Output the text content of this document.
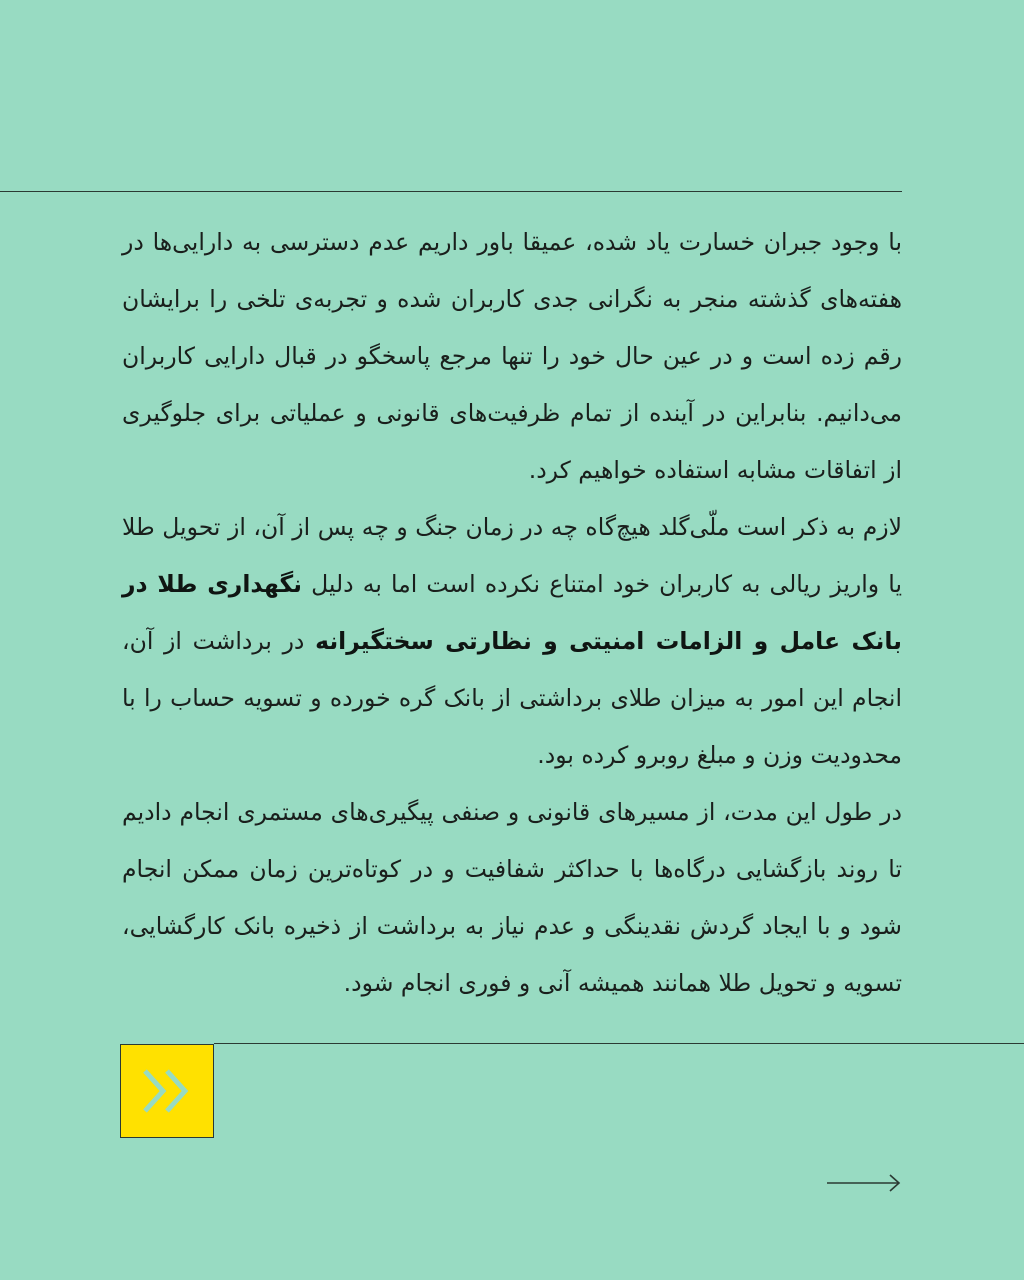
با وجود جبران خسارت یاد شده، عمیقا باور داریم عدم دسترسی به دارایی‌ها در هفته‌های گذشته منجر به نگرانی جدی کاربران شده و تجربه‌ی تلخی را برایشان رقم زده است و در عین حال خود را تنها مرجع پاسخگو در قبال دارایی کاربران می‌دانیم. بنابراین در آینده از تمام ظرفیت‌های قانونی و عملیاتی برای جلوگیری از اتفاقات مشابه استفاده خواهیم کرد.

لازم به ذکر است ملّی‌گلد هیچ‌گاه چه در زمان جنگ و چه پس از آن، از تحویل طلا یا واریز ریالی به کاربران خود امتناع نکرده است اما به دلیل نگهداری طلا در بانک عامل و الزامات امنیتی و نظارتی سختگیرانه در برداشت از آن، انجام این امور به میزان طلای برداشتی از بانک گره خورده و تسویه حساب را با محدودیت وزن و مبلغ روبرو کرده بود.

در طول این مدت، از مسیرهای قانونی و صنفی پیگیری‌های مستمری انجام دادیم تا روند بازگشایی درگاه‌ها با حداکثر شفافیت و در کوتاه‌ترین زمان ممکن انجام شود و با ایجاد گردش نقدینگی و عدم نیاز به برداشت از ذخیره بانک کارگشایی، تسویه و تحویل طلا همانند همیشه آنی و فوری انجام شود.
